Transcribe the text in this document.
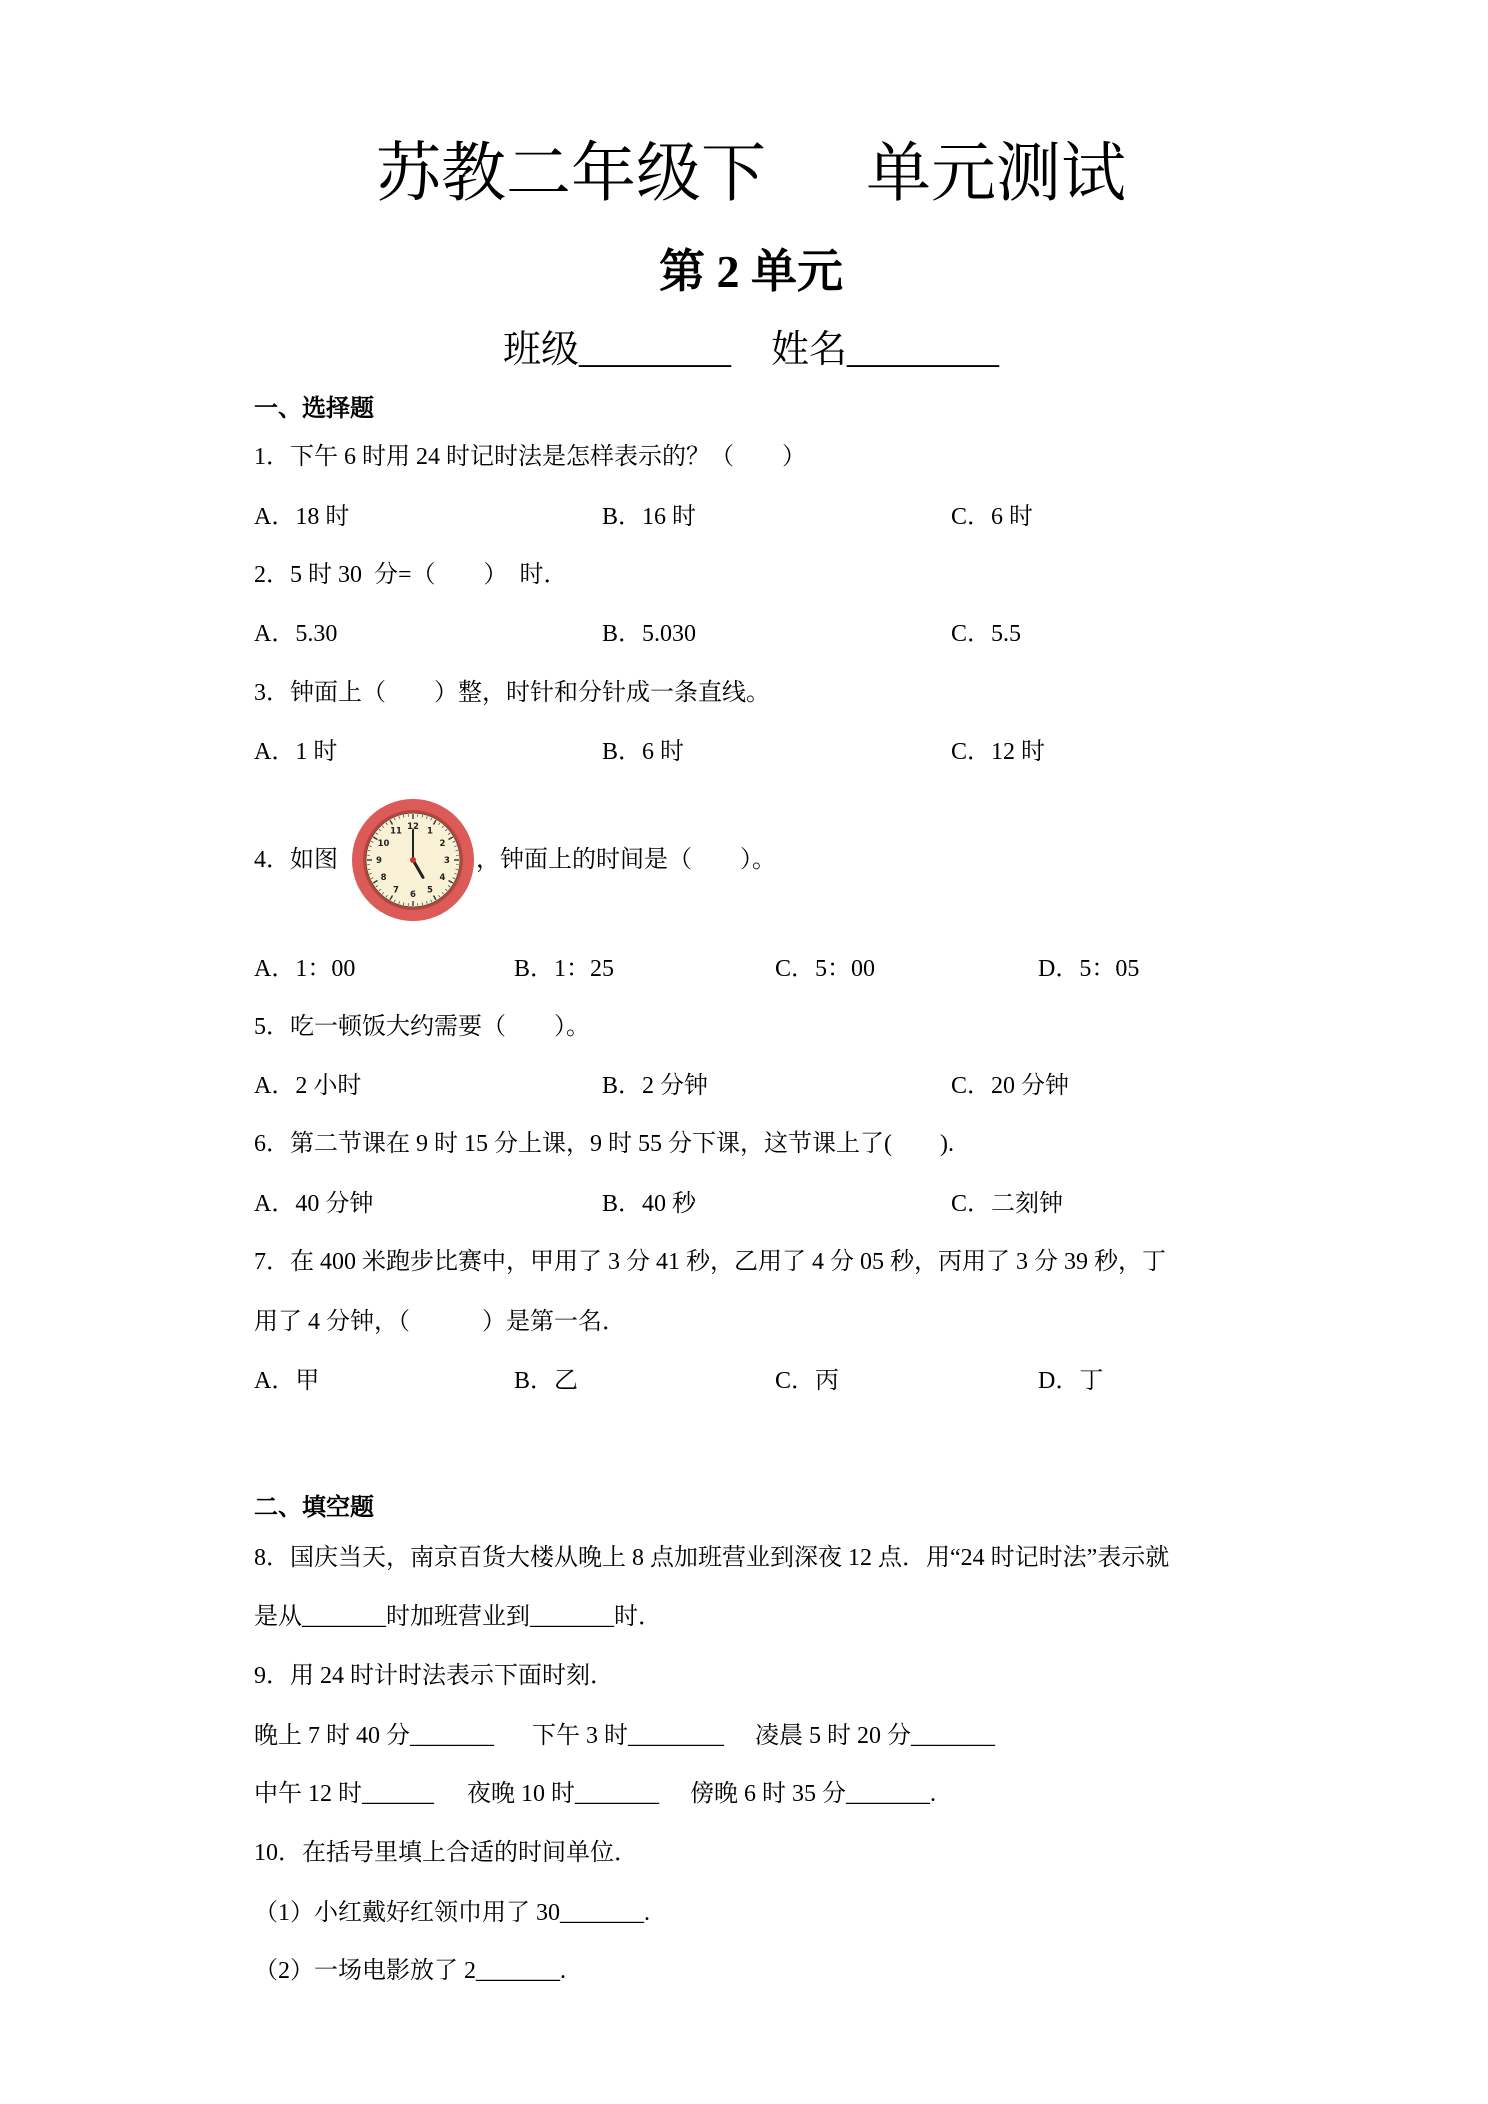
苏教二年级下 单元测试
第 2 单元
班级________ 姓名________
一、选择题
1．下午 6 时用 24 时记时法是怎样表示的？（　　）
A．18 时	B．16 时	C．6 时
2．5 时 30  分=（　　）  时．
A．5.30	B．5.030	C．5.5
3．钟面上（　　）整，时针和分针成一条直线。
A．1 时	B．6 时	C．12 时
4．如图
12 1
2
3
4
5
6
7
8
9
10
11
，钟面上的时间是（　　）。
A．1：00	B．1：25	C．5：00	D．5：05
5．吃一顿饭大约需要（　　）。
A．2 小时	B．2 分钟	C．20 分钟
6．第二节课在 9 时 15 分上课，9 时 55 分下课，这节课上了(　　).
A．40 分钟	B．40 秒	C．二刻钟
7．在 400 米跑步比赛中，甲用了 3 分 41 秒，乙用了 4 分 05 秒，丙用了 3 分 39 秒，丁
用了 4 分钟，（　　　）是第一名．
A．甲	B．乙	C．丙	D．丁
二、填空题
8．国庆当天，南京百货大楼从晚上 8 点加班营业到深夜 12 点．用“24 时记时法”表示就
是从_______时加班营业到_______时．
9．用 24 时计时法表示下面时刻．
晚上 7 时 40 分_______ 下午 3 时________ 凌晨 5 时 20 分_______
中午 12 时______ 夜晚 10 时_______ 傍晚 6 时 35 分_______.
10．在括号里填上合适的时间单位．
（1）小红戴好红领巾用了 30_______.
（2）一场电影放了 2_______.
